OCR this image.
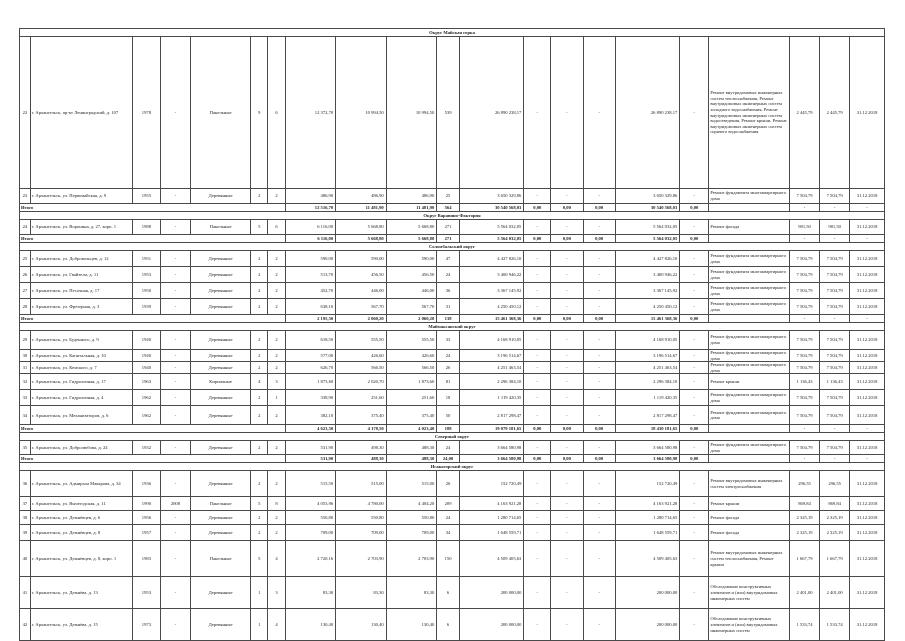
Округ Майская горка																				
22	г. Архангельск, пр-кт Ленинградский, д. 107	1978	-	Панельные	9	6	12 372,70	10 994,50	10 994,50	539	26 890 238,17	-	-	-	26 890 238,17	-	Ремонт внутридомовых инженерных систем теплоснабжения, Ремонт внутридомовых инженерных систем холодного водоснабжения, Ремонт внутридомовых инженерных систем водоотведения, Ремонт крыши, Ремонт внутридомовых инженерных систем горячего водоснабжения	2 445,79	2 445,79	31.12.2018
23	г. Архангельск, ул. Первомайская, д. 9	1955	-	Деревянные	2	2	486,90	486,90	486,90	25	3 650 329,86	-	-	-	3 650 329,86	-	Ремонт фундамента многоквартирного дома	7 504,79	7 504,79	31.12.2018
Итого							12 516,70	11 481,90	11 481,90	564	30 540 568,03	0,00	0,00	0,00	30 540 568,03	0,00		-	-	-
Округ Варавино-Фактория																				
24	г. Архангельск, ул. Воронина, д. 27, корп. 1	1988	-	Панельные	5	6	6 116,00	5 668,80	5 668,80	271	5 564 032,05	-	-	-	5 564 032,05	-	Ремонт фасада	981,50	981,50	31.12.2018
Итого							6 116,00	5 668,80	5 668,80	271	5 564 032,05	0,00	0,00	0,00	5 564 032,05	0,00		-	-	-
Соломбальский округ																				
25	г. Архангельск, ул. Добровольцев, д. 12	1951	-	Деревянные	2	2	590,00	590,00	590,00	47	4 427 826,10	-	-	-	4 427 826,10	-	Ремонт фундамента многоквартирного дома	7 504,79	7 504,79	31.12.2018
26	г. Архангельск, ул. Гвайзели, д. 11	1953	-	Деревянные	2	2	513,70	456,50	456,50	24	3 400 946,22	-	-	-	3 400 946,22	-	Ремонт фундамента многоквартирного дома	7 504,79	7 504,79	31.12.2018
27	г. Архангельск, ул. Песочная, д. 17	1950	-	Деревянные	2	2	452,70	446,00	446,00	36	3 367 145,92	-	-	-	3 367 145,92	-	Ремонт фундамента многоквартирного дома	7 504,79	7 504,79	31.12.2018
28	г. Архангельск, ул. Фрезерная, д. 3	1939	-	Деревянные	2	2	638,10	567,70	567,70	31	4 250 450,12	-	-	-	4 250 450,12	-	Ремонт фундамента многоквартирного дома	7 504,79	7 504,79	31.12.2018
Итого							2 195,50	2 060,20	2 060,20	138	15 461 368,36	0,00	0,00	0,00	15 461 368,36	0,00		-	-	-
Маймаксанский округ																				
29	г. Архангельск, ул. Буденного, д. 9	1940	-	Деревянные	2	2	618,50	555,50	555,50	33	4 168 910,05	-	-	-	4 168 910,05	-	Ремонт фундамента многоквартирного дома	7 504,79	7 504,79	31.12.2018
30	г. Архангельск, ул. Капитальная, д. 10	1940	-	Деревянные	2	2	577,00	426,60	426,60	24	3 196 514,67	-	-	-	3 196 514,67	-	Ремонт фундамента многоквартирного дома	7 504,79	7 504,79	31.12.2018
31	г. Архангельск, ул. Кемского, д. 7	1940	-	Деревянные	2	2	626,70	566,50	566,50	26	4 251 463,54	-	-	-	4 251 463,54	-	Ремонт фундамента многоквартирного дома	7 504,79	7 504,79	31.12.2018
32	г. Архангельск, ул. Гидролизная, д. 17	1963	-	Кирпичные	4	3	1 873,60	2 020,70	1 873,60	81	2 296 384,10	-	-	-	2 296 384,10	-	Ремонт крыши	1 136,43	1 136,43	31.12.2018
33	г. Архангельск, ул. Гидролизная, д. 4	1962	-	Деревянные	2	1	338,90	251,60	251,60	18	1 119 420,35	-	-	-	1 119 420,35	-	Ремонт фундамента многоквартирного дома	7 504,79	7 504,79	31.12.2018
34	г. Архангельск, ул. Механизаторов, д. 6	1962	-	Деревянные	2	2	382,10	375,40	375,40	50	2 817 298,47	-	-	-	2 817 298,47	-	Ремонт фундамента многоквартирного дома	7 504,79	7 504,79	31.12.2018
Итого							4 623,50	4 178,50	4 023,40	188	19 079 181,65	0,00	0,00	0,00	18 430 181,65	0,00		-	-	-
Северный округ																				
35	г. Архангельск, ул. Добролюбова, д. 24	1932	-	Деревянные	2	2	531,90	498,30	488,30	24	3 664 580,98	-	-	-	3 664 580,98	-	Ремонт фундамента многоквартирного дома	7 504,79	7 504,79	31.12.2018
Итого							531,90	488,30	488,30	24,00	3 664 580,98	0,00	0,00	0,00	3 664 580,98	0,00		-	-	-
Исакогорский округ																				
36	г. Архангельск, ул. Адмирала Макарова, д. 34	1936	-	Деревянные	2	2	515,50	515,00	515,00	26	152 720,49	-	-	-	152 720,49	-	Ремонт внутридомовых инженерных систем электроснабжения	296,55	296,55	31.12.2018
37	г. Архангельск, ул. Вычегодская, д. 11	1990	2008	Панельные	5	8	4 053,96	4 780,00	4 404,20	209	4 163 921,28	-	-	-	4 163 921,28	-	Ремонт крыши	869,84	869,84	31.12.2018
38	г. Архангельск, ул. Дежнёвцев, д. 6	1956	-	Деревянные	2	2	550,80	550,80	550,80	24	1 280 714,65	-	-	-	1 280 714,65	-	Ремонт фасада	2 325,19	2 325,19	31.12.2018
39	г. Архангельск, ул. Дежнёвцев, д. 8	1957	-	Деревянные	2	2	709,00	709,00	709,00	34	1 648 559,71	-	-	-	1 648 559,71	-	Ремонт фасада	2 325,19	2 325,19	31.12.2018
40	г. Архангельск, ул. Дежнёвцев, д. 8, корп. 1	1983	-	Панельные	5	4	2 720,16	2 703,90	2 703,90	150	4 509 405,63	-	-	-	4 509 405,63	-	Ремонт внутридомовых инженерных систем теплоснабжения, Ремонт крыши	1 667,79	1 667,79	31.12.2018
41	г. Архангельск, ул. Дежнёва, д. 13	1953	-	Деревянные	1	3	83,30	83,30	83,30	6	200 000,00	-	-	-	200 000,00	-	Обследование конструктивных элементов и (или) внутридомовых инженерных систем	2 401,00	2 401,00	31.12.2018
42	г. Архангельск, ул. Дежнёва, д. 15	1973	-	Деревянные	1	4	130,40	130,40	130,40	6	200 000,00	-	-	-	200 000,00	-	Обследование конструктивных элементов и (или) внутридомовых инженерных систем	1 533,74	1 533,74	31.12.2018
